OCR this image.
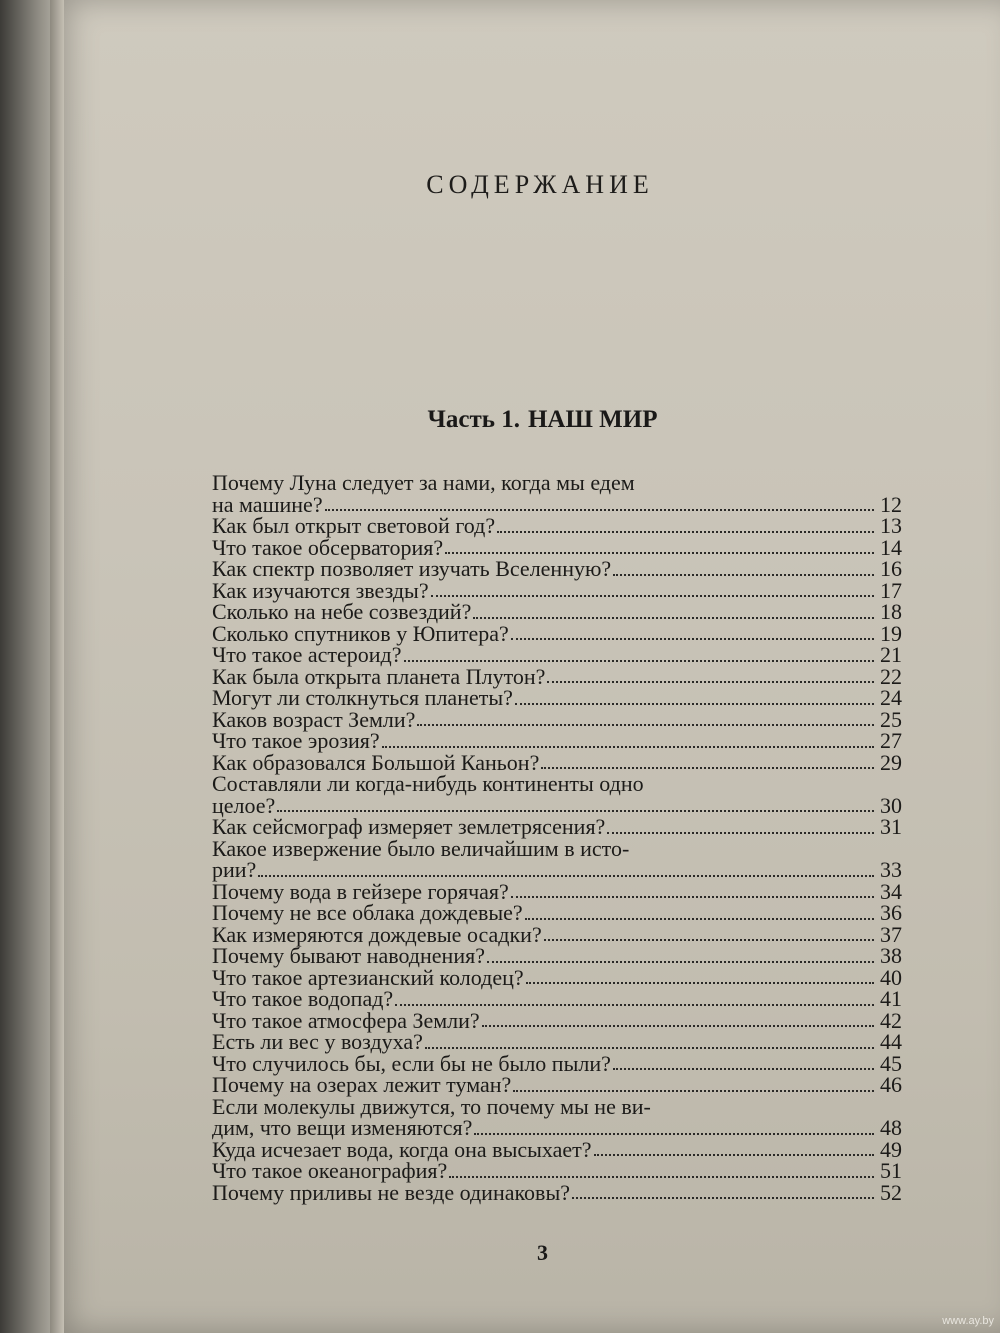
СОДЕРЖАНИЕ
Часть 1. НАШ МИР
Почему Луна следует за нами, когда мы едем
на машине?	12
Как был открыт световой год?	13
Что такое обсерватория?	14
Как спектр позволяет изучать Вселенную?	16
Как изучаются звезды?	17
Сколько на небе созвездий?	18
Сколько спутников у Юпитера?	19
Что такое астероид?	21
Как была открыта планета Плутон?	22
Могут ли столкнуться планеты?	24
Каков возраст Земли?	25
Что такое эрозия?	27
Как образовался Большой Каньон?	29
Составляли ли когда-нибудь континенты одно
целое?	30
Как сейсмограф измеряет землетрясения?	31
Какое извержение было величайшим в исто-
рии?	33
Почему вода в гейзере горячая?	34
Почему не все облака дождевые?	36
Как измеряются дождевые осадки?	37
Почему бывают наводнения?	38
Что такое артезианский колодец?	40
Что такое водопад?	41
Что такое атмосфера Земли?	42
Есть ли вес у воздуха?	44
Что случилось бы, если бы не было пыли?	45
Почему на озерах лежит туман?	46
Если молекулы движутся, то почему мы не ви-
дим, что вещи изменяются?	48
Куда исчезает вода, когда она высыхает?	49
Что такое океанография?	51
Почему приливы не везде одинаковы?	52
3
www.ay.by
